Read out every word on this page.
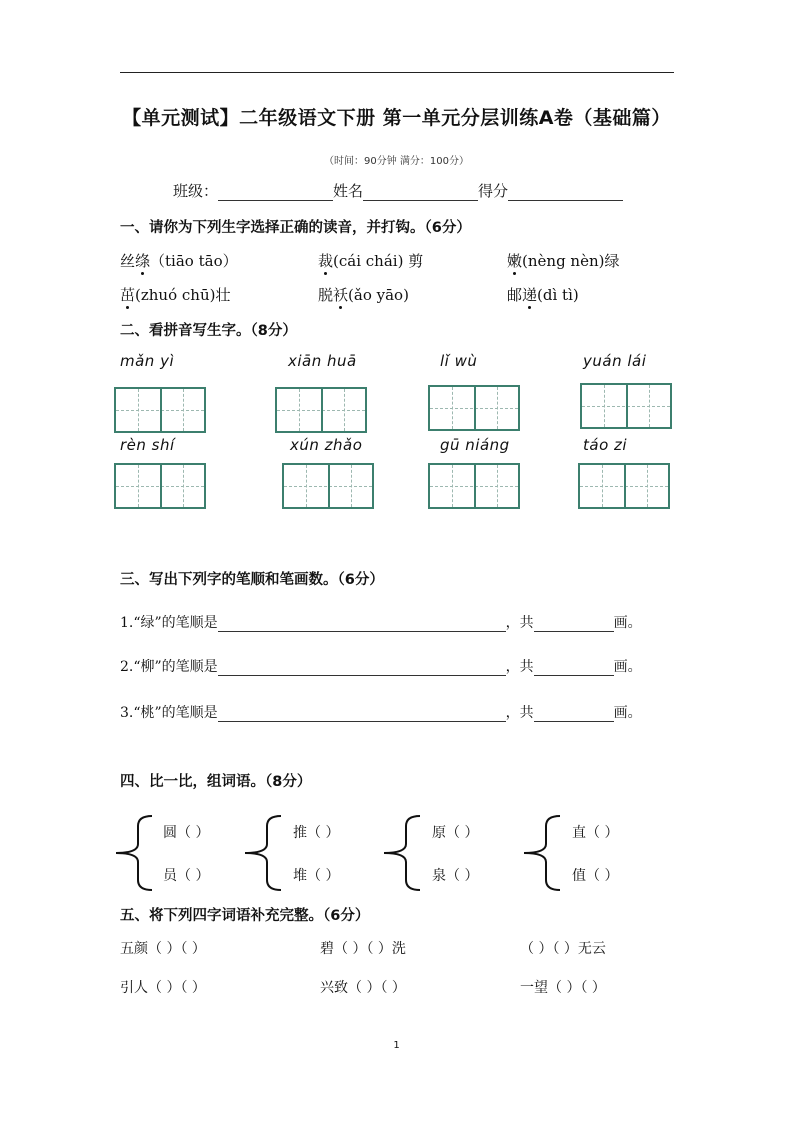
【单元测试】二年级语文下册 第一单元分层训练A卷（基础篇）
（时间：90分钟 满分：100分）
班级：	姓名	得分
一、请你为下列生字选择正确的读音，并打钩。（6分）
丝绦（tiāo tāo）	裁(cái chái) 剪	嫩(nèng nèn)绿
茁(zhuó chū)壮	脱袄(ǎo yāo)	邮递(dì tì)
二、看拼音写生字。（8分）
mǎn yì	xiān huā	lǐ wù	yuán lái
rèn shí	xún zhǎo	gū niáng	táo zi
三、写出下列字的笔顺和笔画数。（6分）
1.“绿”的笔顺是	，共	画。
2.“柳”的笔顺是	，共	画。
3.“桃”的笔顺是	，共	画。
四、比一比，组词语。（8分）
圆（ ）
员（ ）
推（ ）
堆（ ）
原（ ）
泉（ ）
直（ ）
值（ ）
五、将下列四字词语补充完整。（6分）
五颜（ ）（ ）	碧（ ）（ ）洗	（ ）（ ）无云
引人（ ）（ ）	兴致（ ）（ ）	一望（ ）（ ）
1
